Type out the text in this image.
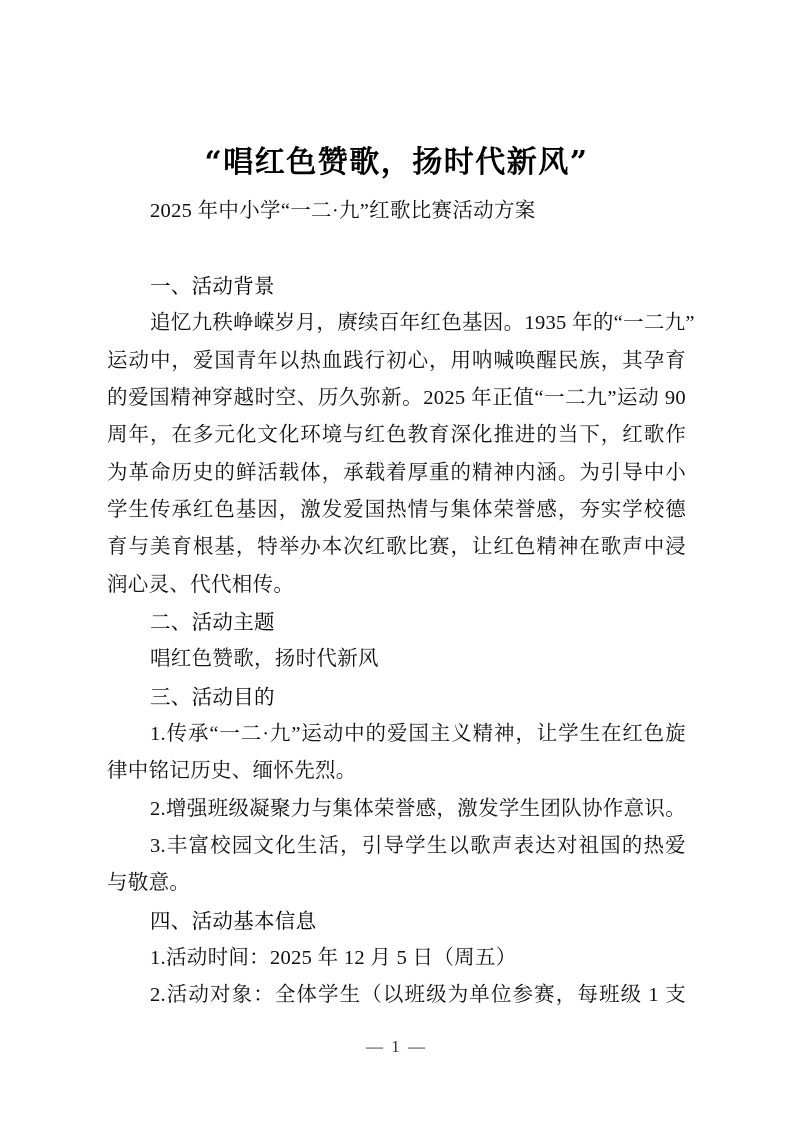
“唱红色赞歌，扬时代新风”
2025 年中小学“一二·九”红歌比赛活动方案
一、活动背景
追忆九秩峥嵘岁月，赓续百年红色基因。1935 年的“一二九”
运动中，爱国青年以热血践行初心，用呐喊唤醒民族，其孕育
的爱国精神穿越时空、历久弥新。2025 年正值“一二九”运动 90
周年，在多元化文化环境与红色教育深化推进的当下，红歌作
为革命历史的鲜活载体，承载着厚重的精神内涵。为引导中小
学生传承红色基因，激发爱国热情与集体荣誉感，夯实学校德
育与美育根基，特举办本次红歌比赛，让红色精神在歌声中浸
润心灵、代代相传。
二、活动主题
唱红色赞歌，扬时代新风
三、活动目的
1.传承“一二·九”运动中的爱国主义精神，让学生在红色旋
律中铭记历史、缅怀先烈。
2.增强班级凝聚力与集体荣誉感，激发学生团队协作意识。
3.丰富校园文化生活，引导学生以歌声表达对祖国的热爱
与敬意。
四、活动基本信息
1.活动时间：2025 年 12 月 5 日（周五）
2.活动对象：全体学生（以班级为单位参赛，每班级 1 支
— 1 —
